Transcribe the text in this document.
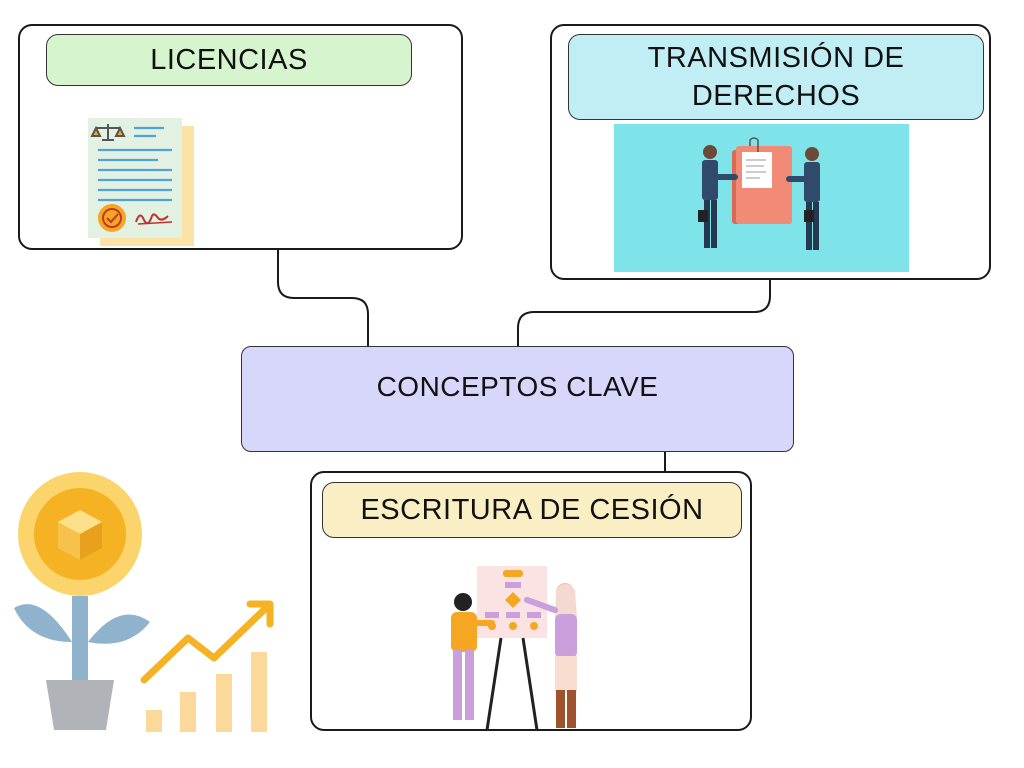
LICENCIAS	TRANSMISIÓN DE
DERECHOS
CONCEPTOS CLAVE
ESCRITURA DE CESIÓN
